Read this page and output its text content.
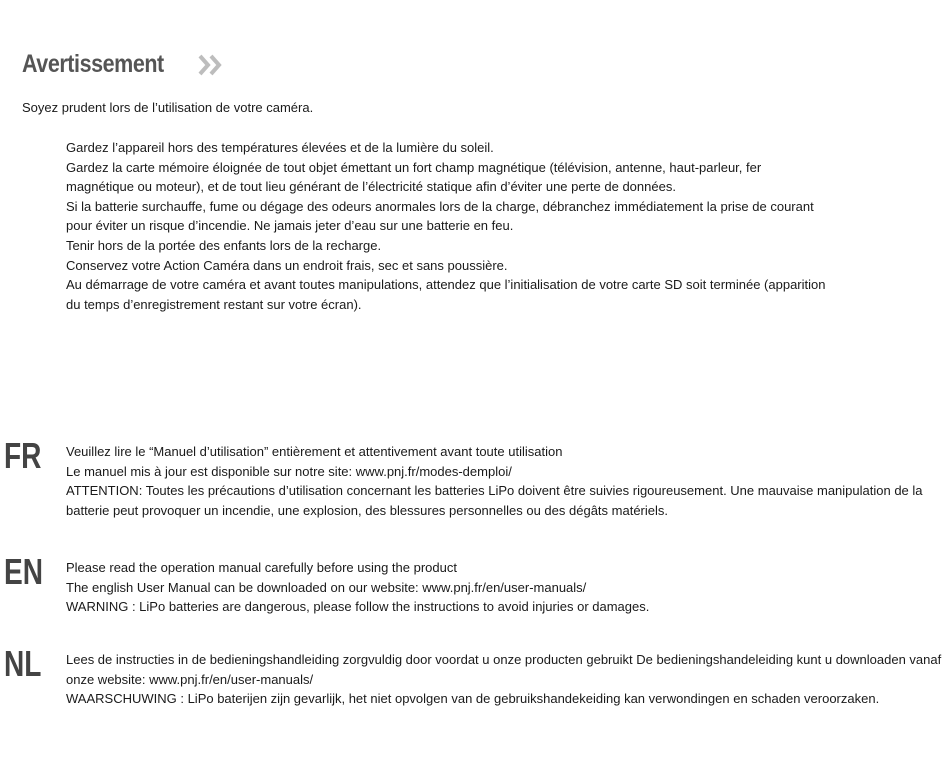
Avertissement
Soyez prudent lors de l’utilisation de votre caméra.
Gardez l’appareil hors des températures élevées et de la lumière du soleil.
Gardez la carte mémoire éloignée de tout objet émettant un fort champ magnétique (télévision, antenne, haut-parleur, fer magnétique ou moteur), et de tout lieu générant de l’électricité statique afin d’éviter une perte de données.
Si la batterie surchauffe, fume ou dégage des odeurs anormales lors de la charge, débranchez immédiatement la prise de courant pour éviter un risque d’incendie. Ne jamais jeter d’eau sur une batterie en feu.
Tenir hors de la portée des enfants lors de la recharge.
Conservez votre Action Caméra dans un endroit frais, sec et sans poussière.
Au démarrage de votre caméra et avant toutes manipulations, attendez que l’initialisation de votre carte SD soit terminée (apparition du temps d’enregistrement restant sur votre écran).
FR Veuillez lire le “Manuel d’utilisation” entièrement et attentivement avant toute utilisation

Le manuel mis à jour est disponible sur notre site: www.pnj.fr/modes-demploi/

ATTENTION: Toutes les précautions d’utilisation concernant les batteries LiPo doivent être suivies rigoureusement. Une mauvaise manipulation de la batterie peut provoquer un incendie, une explosion, des blessures personnelles ou des dégâts matériels.

EN Please read the operation manual carefully before using the product

The english User Manual can be downloaded on our website: www.pnj.fr/en/user-manuals/

WARNING : LiPo batteries are dangerous, please follow the instructions to avoid injuries or damages.

NL Lees de instructies in de bedieningshandleiding zorgvuldig door voordat u onze producten gebruikt De bedieningshandeleiding kunt u downloaden vanaf onze website: www.pnj.fr/en/user-manuals/

WAARSCHUWING : LiPo baterijen zijn gevarlijk, het niet opvolgen van de gebruikshandekeiding kan verwondingen en schaden veroorzaken.
